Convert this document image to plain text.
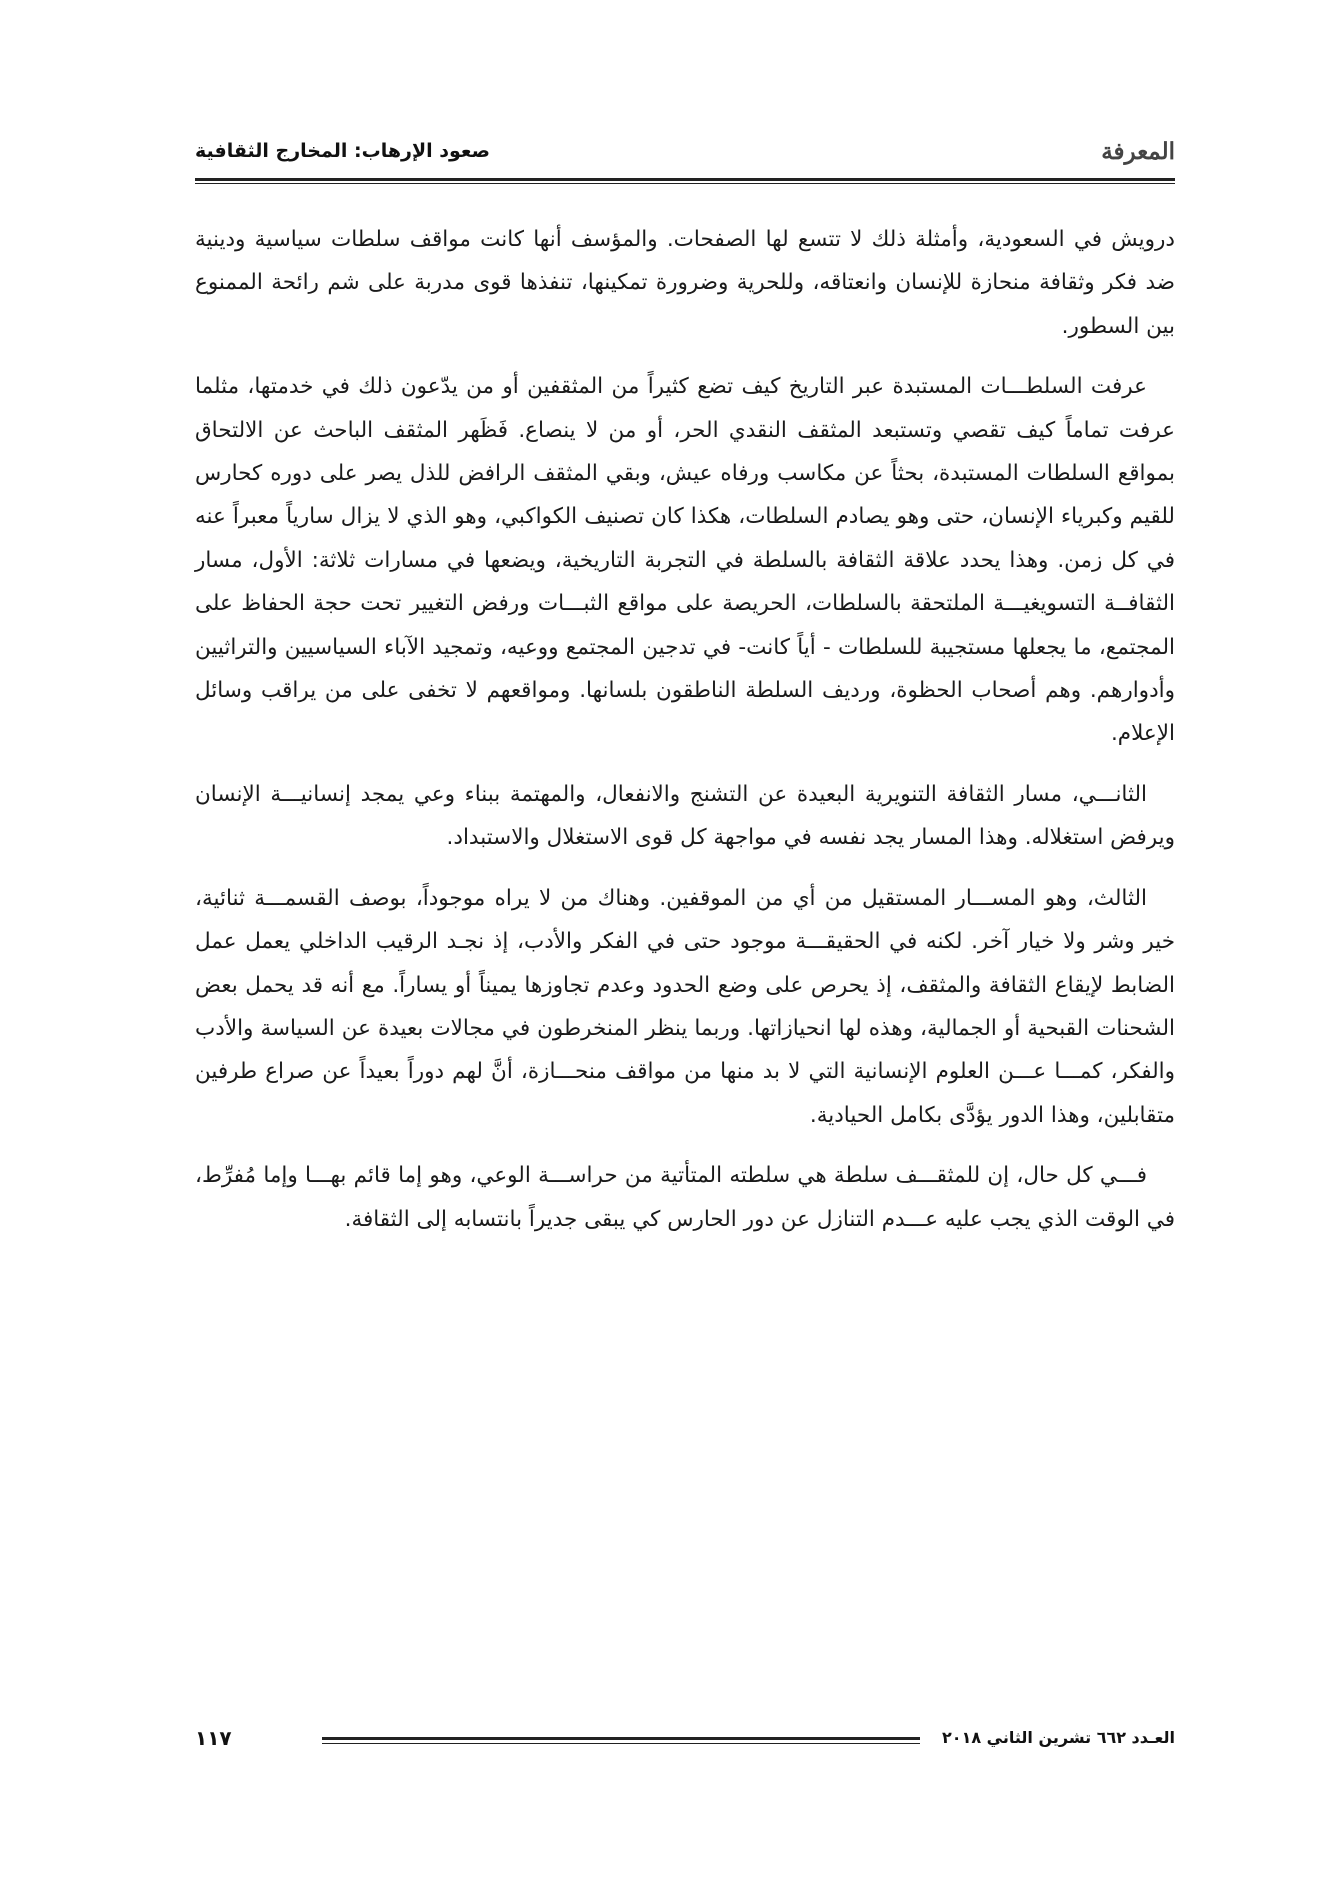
المعرفة
صعود الإرهاب: المخارج الثقافية

درويش في السعودية، وأمثلة ذلك لا تتسع لها الصفحات. والمؤسف أنها كانت مواقف سلطات سياسية ودينية ضد فكر وثقافة منحازة للإنسان وانعتاقه، وللحرية وضرورة تمكينها، تنفذها قوى مدربة على شم رائحة الممنوع بين السطور.

عرفت السلطـــات المستبدة عبر التاريخ كيف تضع كثيراً من المثقفين أو من يدّعون ذلك في خدمتها، مثلما عرفت تماماً كيف تقصي وتستبعد المثقف النقدي الحر، أو من لا ينصاع. فَظَهر المثقف الباحث عن الالتحاق بمواقع السلطات المستبدة، بحثاً عن مكاسب ورفاه عيش، وبقي المثقف الرافض للذل يصر على دوره كحارس للقيم وكبرياء الإنسان، حتى وهو يصادم السلطات، هكذا كان تصنيف الكواكبي، وهو الذي لا يزال سارياً معبراً عنه في كل زمن. وهذا يحدد علاقة الثقافة بالسلطة في التجربة التاريخية، ويضعها في مسارات ثلاثة: الأول، مسار الثقافــة التسويغيـــة الملتحقة بالسلطات، الحريصة على مواقع الثبـــات ورفض التغيير تحت حجة الحفاظ على المجتمع، ما يجعلها مستجيبة للسلطات - أياً كانت- في تدجين المجتمع ووعيه، وتمجيد الآباء السياسيين والتراثيين وأدوارهم. وهم أصحاب الحظوة، ورديف السلطة الناطقون بلسانها. ومواقعهم لا تخفى على من يراقب وسائل الإعلام.

الثانـــي، مسار الثقافة التنويرية البعيدة عن التشنج والانفعال، والمهتمة ببناء وعي يمجد إنسانيـــة الإنسان ويرفض استغلاله. وهذا المسار يجد نفسه في مواجهة كل قوى الاستغلال والاستبداد.

الثالث، وهو المســـار المستقيل من أي من الموقفين. وهناك من لا يراه موجوداً، بوصف القسمـــة ثنائية، خير وشر ولا خيار آخر. لكنه في الحقيقـــة موجود حتى في الفكر والأدب، إذ نجـد الرقيب الداخلي يعمل عمل الضابط لإيقاع الثقافة والمثقف، إذ يحرص على وضع الحدود وعدم تجاوزها يميناً أو يساراً. مع أنه قد يحمل بعض الشحنات القبحية أو الجمالية، وهذه لها انحيازاتها. وربما ينظر المنخرطون في مجالات بعيدة عن السياسة والأدب والفكر، كمـــا عـــن العلوم الإنسانية التي لا بد منها من مواقف منحـــازة، أنَّ لهم دوراً بعيداً عن صراع طرفين متقابلين، وهذا الدور يؤدَّى بكامل الحيادية.

فـــي كل حال، إن للمثقـــف سلطة هي سلطته المتأتية من حراســـة الوعي، وهو إما قائم بهـــا وإما مُفرِّط، في الوقت الذي يجب عليه عـــدم التنازل عن دور الحارس كي يبقى جديراً بانتسابه إلى الثقافة.

العـدد ٦٦٢ تشرين الثاني ٢٠١٨
١١٧
